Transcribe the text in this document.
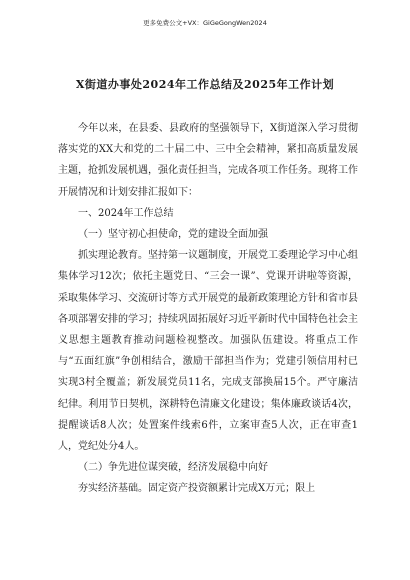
更多免费公文+VX：GiGeGongWen2024
X街道办事处2024年工作总结及2025年工作计划

今年以来，在县委、县政府的坚强领导下，X街道深入学习贯彻落实党的XX大和党的二十届二中、三中全会精神，紧扣高质量发展主题，抢抓发展机遇，强化责任担当，完成各项工作任务。现将工作开展情况和计划安排汇报如下：

一、2024年工作总结

（一）坚守初心担使命，党的建设全面加强

抓实理论教育。坚持第一议题制度，开展党工委理论学习中心组集体学习12次；依托主题党日、“三会一课”、党课开讲啦等资源，采取集体学习、交流研讨等方式开展党的最新政策理论方针和省市县各项部署安排的学习；持续巩固拓展好习近平新时代中国特色社会主义思想主题教育推动问题检视整改。加强队伍建设。将重点工作与“五面红旗”争创相结合，激励干部担当作为；党建引领信用村已实现3村全覆盖；新发展党员11名，完成支部换届15个。严守廉洁纪律。利用节日契机，深耕特色清廉文化建设；集体廉政谈话4次，提醒谈话8人次；处置案件线索6件，立案审查5人次，正在审查1人，党纪处分4人。

（二）争先进位谋突破，经济发展稳中向好

夯实经济基础。固定资产投资额累计完成X万元；限上
